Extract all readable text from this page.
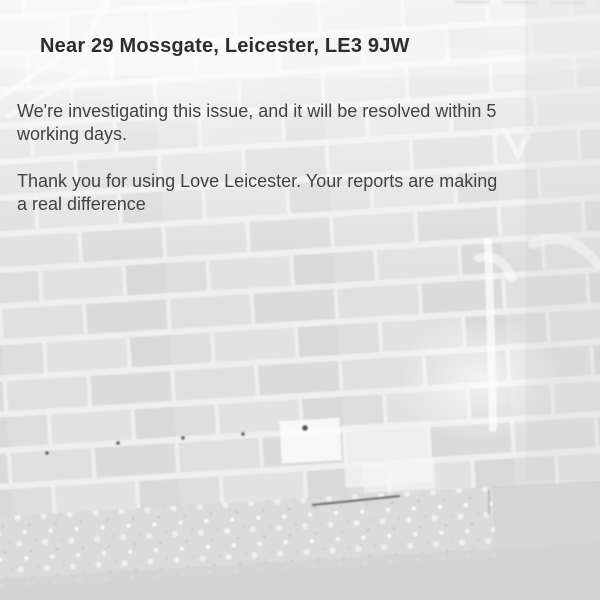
Near 29 Mossgate, Leicester, LE3 9JW

We're investigating this issue, and it will be resolved within 5
working days.

Thank you for using Love Leicester. Your reports are making
a real difference
